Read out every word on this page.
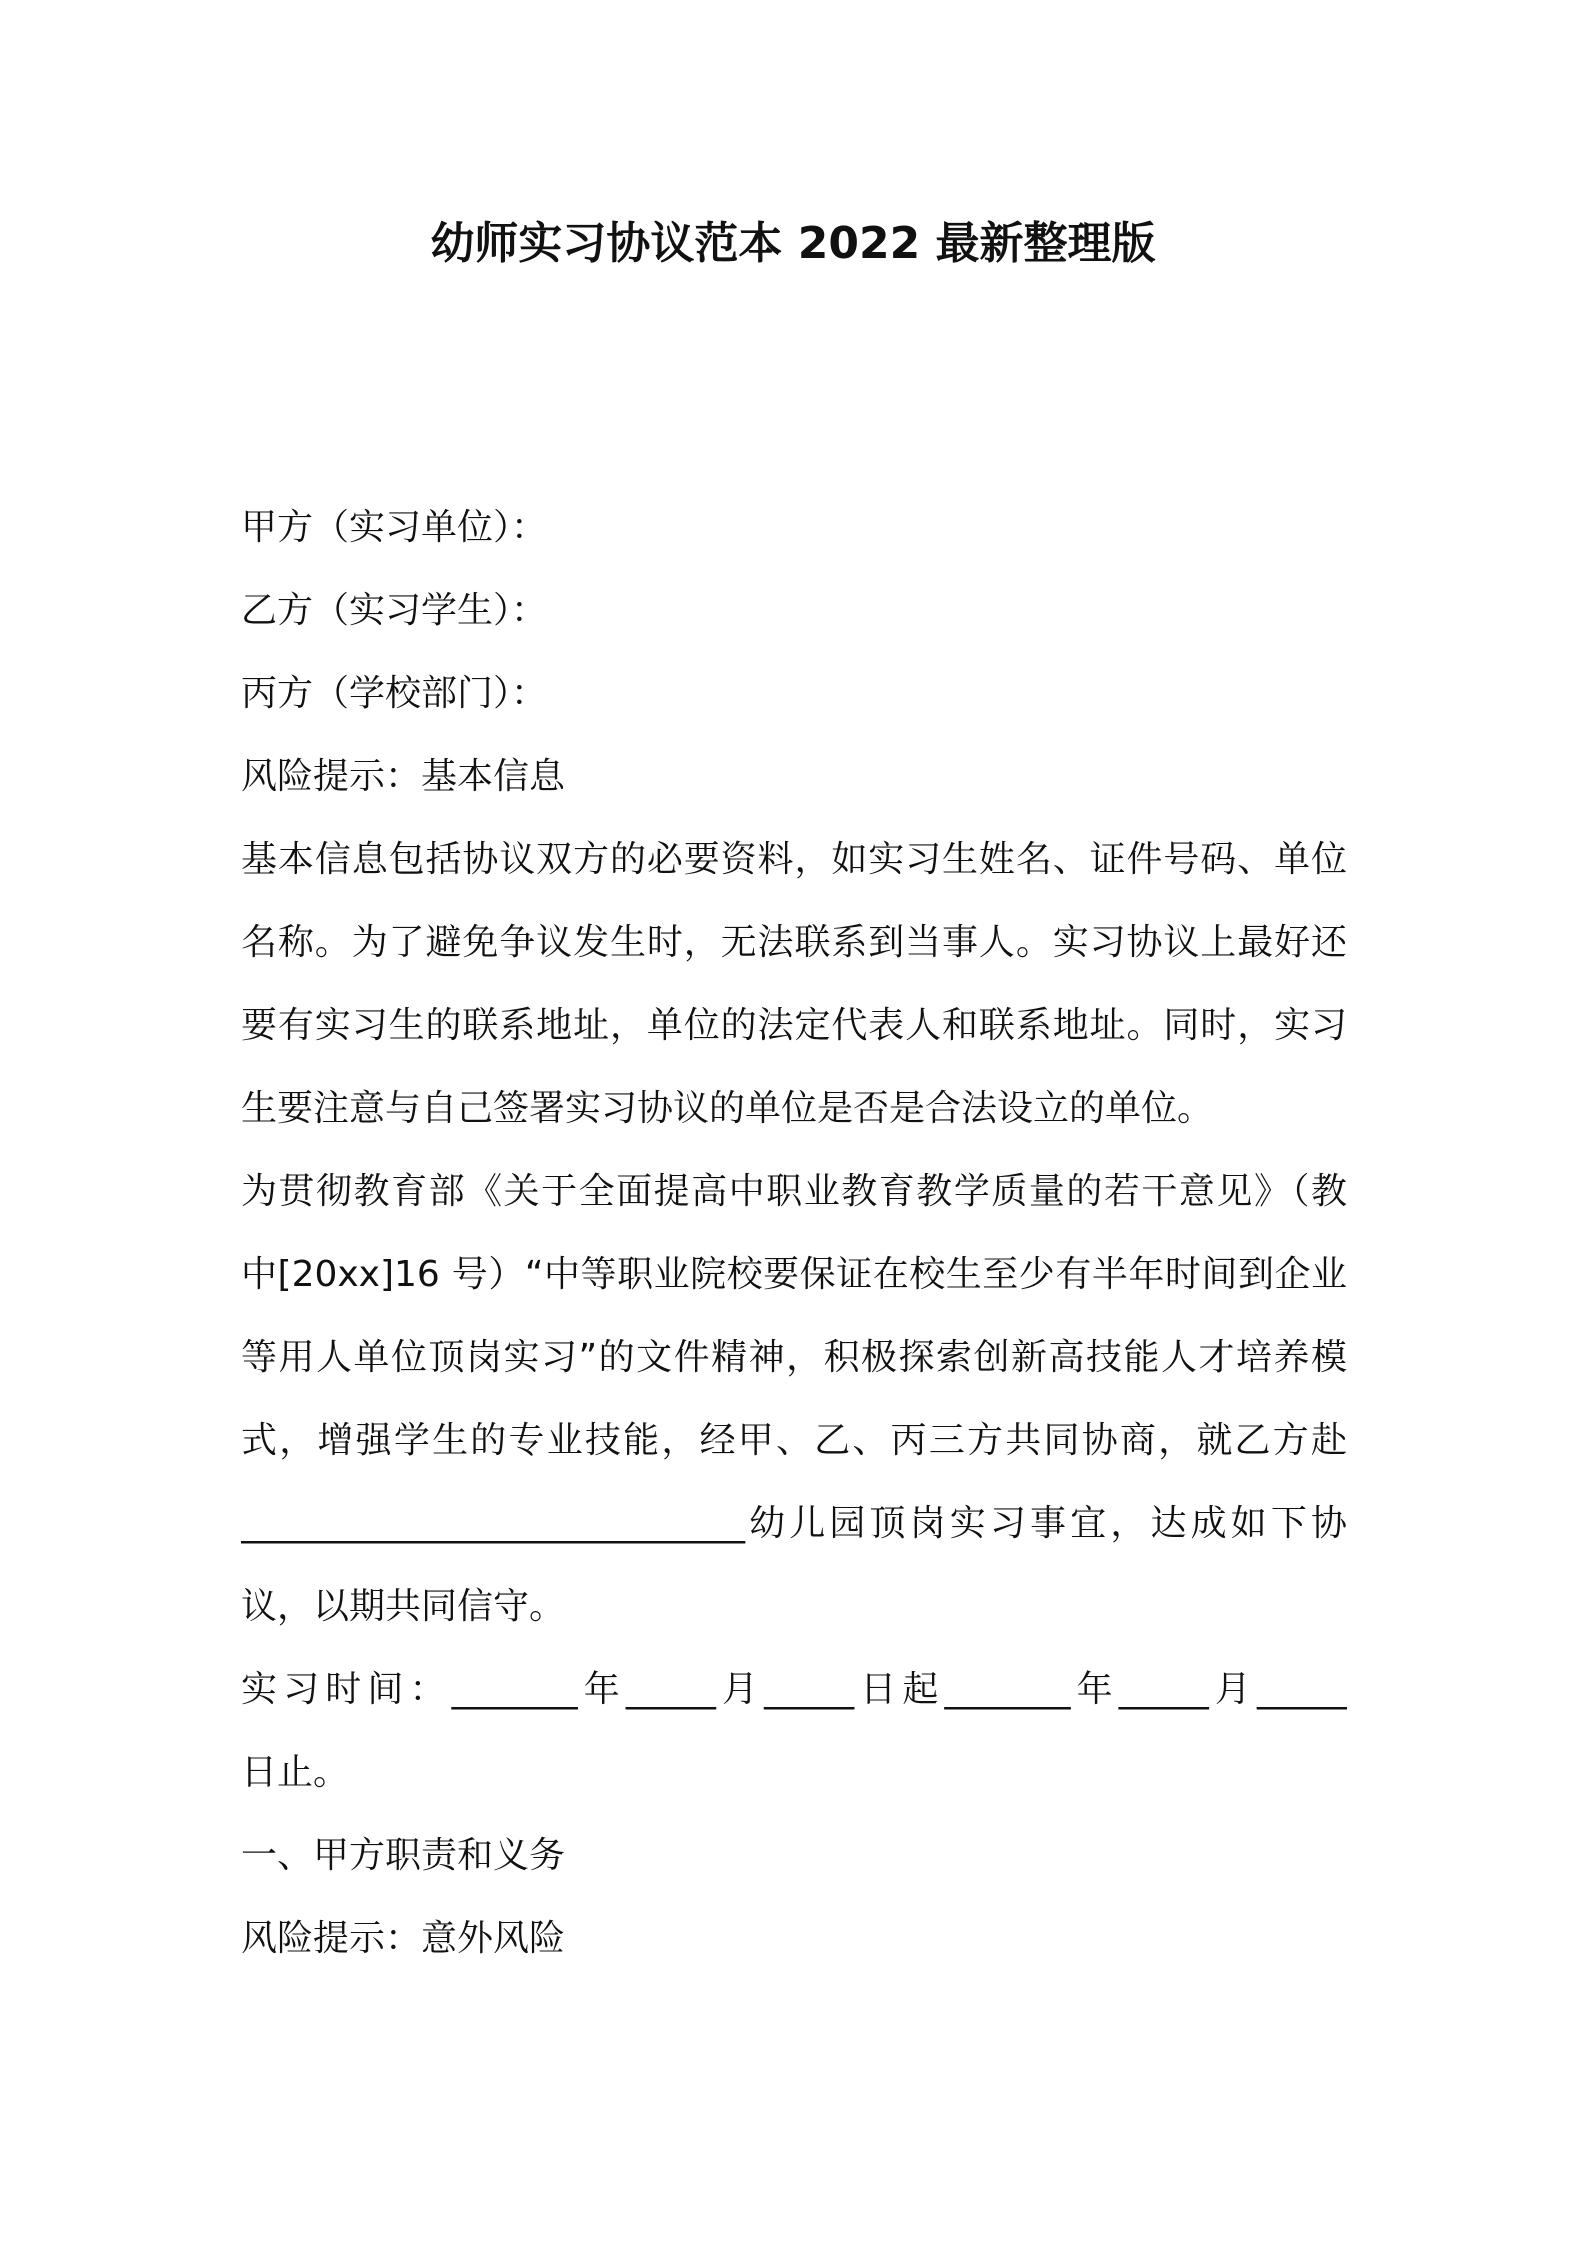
幼师实习协议范本 2022 最新整理版

甲方（实习单位）：

乙方（实习学生）：

丙方（学校部门）：

风险提示：基本信息

基本信息包括协议双方的必要资料，如实习生姓名、证件号码、单位
名称。为了避免争议发生时，无法联系到当事人。实习协议上最好还
要有实习生的联系地址，单位的法定代表人和联系地址。同时，实习
生要注意与自己签署实习协议的单位是否是合法设立的单位。
为贯彻教育部《关于全面提高中职业教育教学质量的若干意见》（教
中[20xx]16 号）“中等职业院校要保证在校生至少有半年时间到企业
等用人单位顶岗实习”的文件精神，积极探索创新高技能人才培养模
式，增强学生的专业技能，经甲、乙、丙三方共同协商，就乙方赴
____________________________幼儿园顶岗实习事宜，达成如下协
议，以期共同信守。
实习时间：_______年_____月_____日起_______年_____月_____
日止。

一、甲方职责和义务

风险提示：意外风险
